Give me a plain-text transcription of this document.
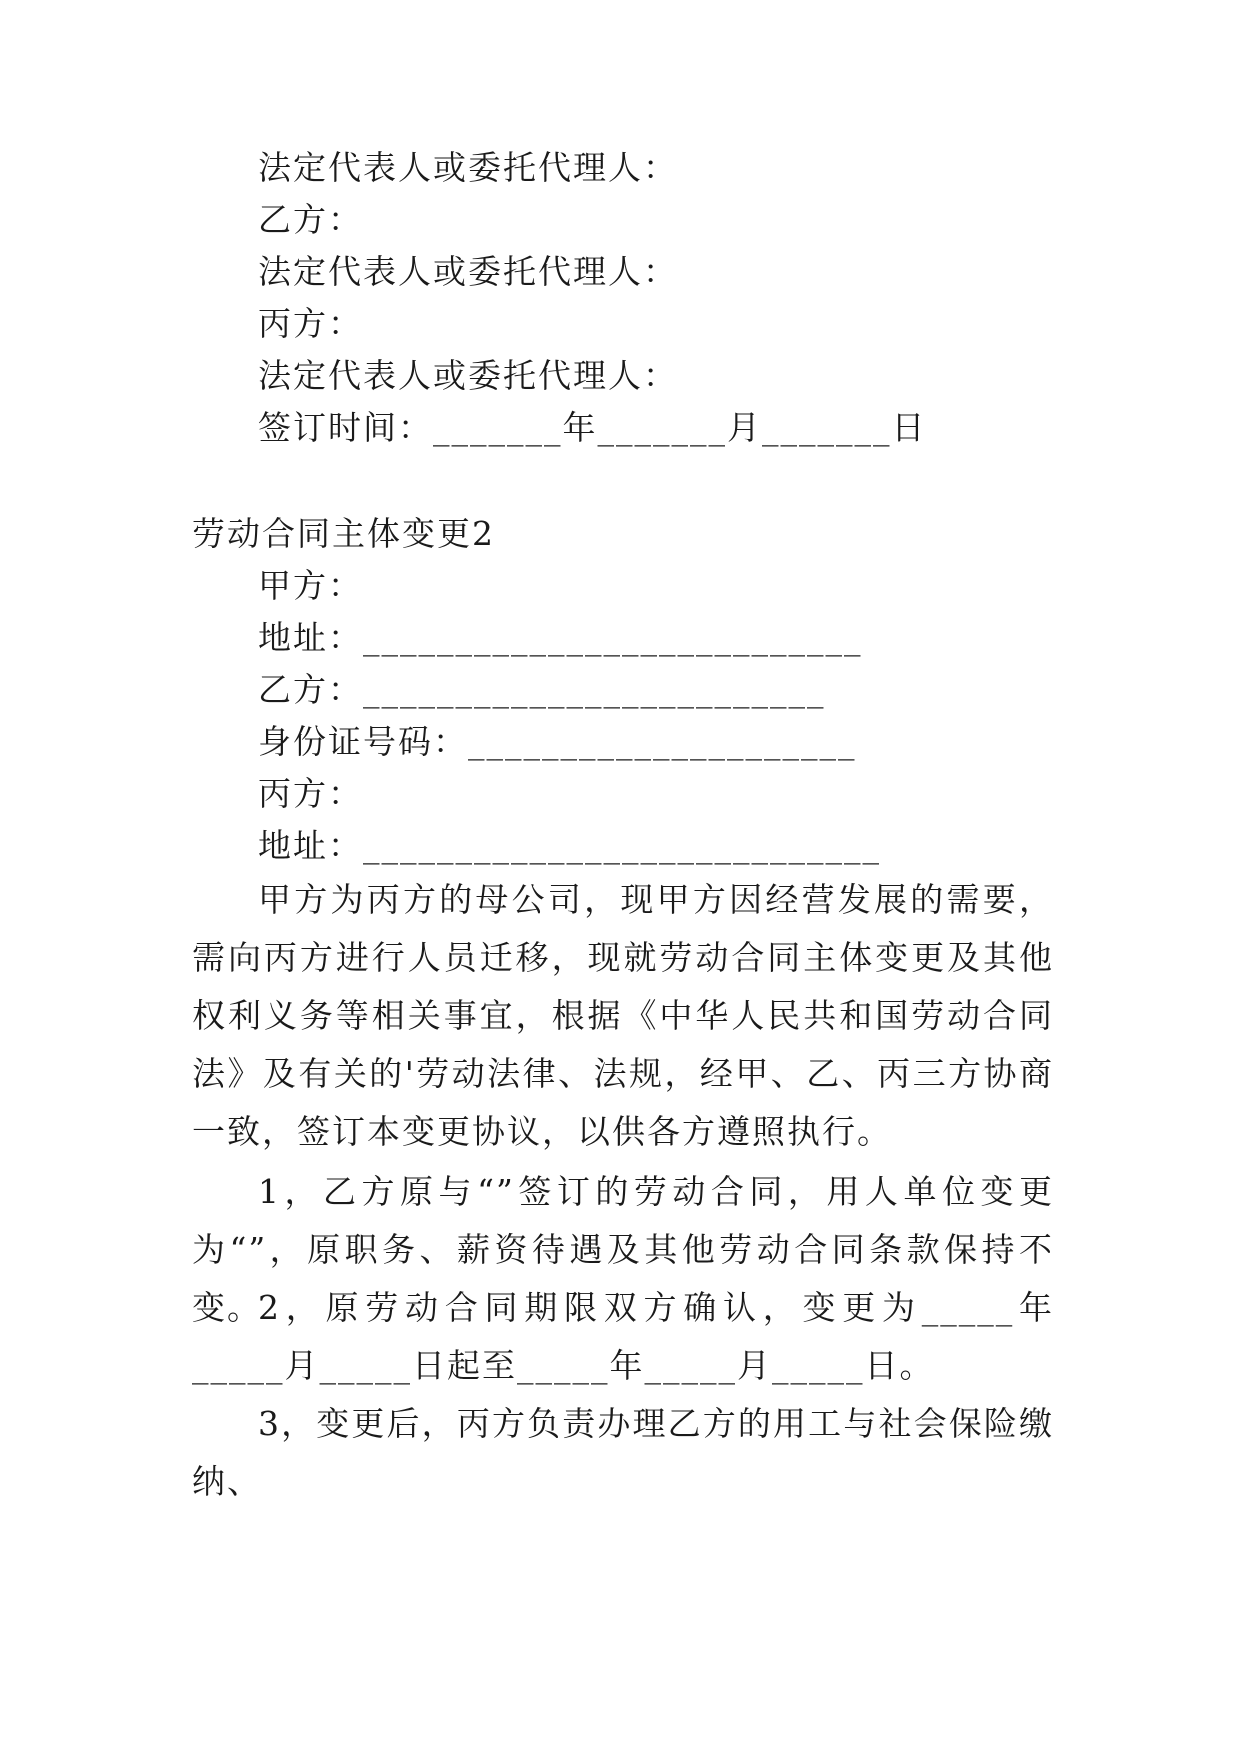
法定代表人或委托代理人：
乙方：
法定代表人或委托代理人：
丙方：
法定代表人或委托代理人：
签订时间：_______年_______月_______日
劳动合同主体变更2
甲方：
地址：___________________________
乙方：_________________________
身份证号码：_____________________
丙方：
地址：____________________________
甲方为丙方的母公司，现甲方因经营发展的需要，需向丙方进行人员迁移，现就劳动合同主体变更及其他权利义务等相关事宜，根据《中华人民共和国劳动合同法》及有关的'劳动法律、法规，经甲、乙、丙三方协商一致，签订本变更协议，以供各方遵照执行。
1，乙方原与“”签订的劳动合同，用人单位变更为“”，原职务、薪资待遇及其他劳动合同条款保持不变。
2，原劳动合同期限双方确认，变更为_____年_____月_____日起至_____年_____月_____日。
3，变更后，丙方负责办理乙方的用工与社会保险缴纳、
